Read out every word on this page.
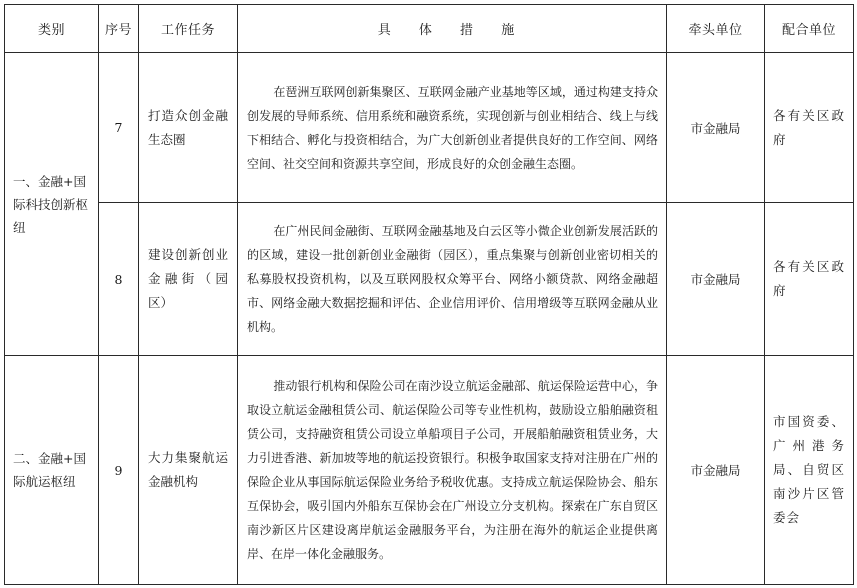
类别	序号	工作任务	具 体 措 施	牵头单位	配合单位
一、金融+国际科技创新枢纽	7	打造众创金融生态圈	在琶洲互联网创新集聚区、互联网金融产业基地等区域，通过构建支持众创发展的导师系统、信用系统和融资系统，实现创新与创业相结合、线上与线下相结合、孵化与投资相结合，为广大创新创业者提供良好的工作空间、网络空间、社交空间和资源共享空间，形成良好的众创金融生态圈。	市金融局	各有关区政府
	8	建设创新创业金融街（园区）	在广州民间金融街、互联网金融基地及白云区等小微企业创新发展活跃的的区域，建设一批创新创业金融街（园区），重点集聚与创新创业密切相关的私募股权投资机构，以及互联网股权众筹平台、网络小额贷款、网络金融超市、网络金融大数据挖掘和评估、企业信用评价、信用增级等互联网金融从业机构。	市金融局	各有关区政府
二、金融+国际航运枢纽	9	大力集聚航运金融机构	推动银行机构和保险公司在南沙设立航运金融部、航运保险运营中心，争取设立航运金融租赁公司、航运保险公司等专业性机构，鼓励设立船舶融资租赁公司，支持融资租赁公司设立单船项目子公司，开展船舶融资租赁业务，大力引进香港、新加坡等地的航运投资银行。积极争取国家支持对注册在广州的保险企业从事国际航运保险业务给予税收优惠。支持成立航运保险协会、船东互保协会，吸引国内外船东互保协会在广州设立分支机构。探索在广东自贸区南沙新区片区建设离岸航运金融服务平台，为注册在海外的航运企业提供离岸、在岸一体化金融服务。	市金融局	市国资委、广州港务局、自贸区南沙片区管委会
